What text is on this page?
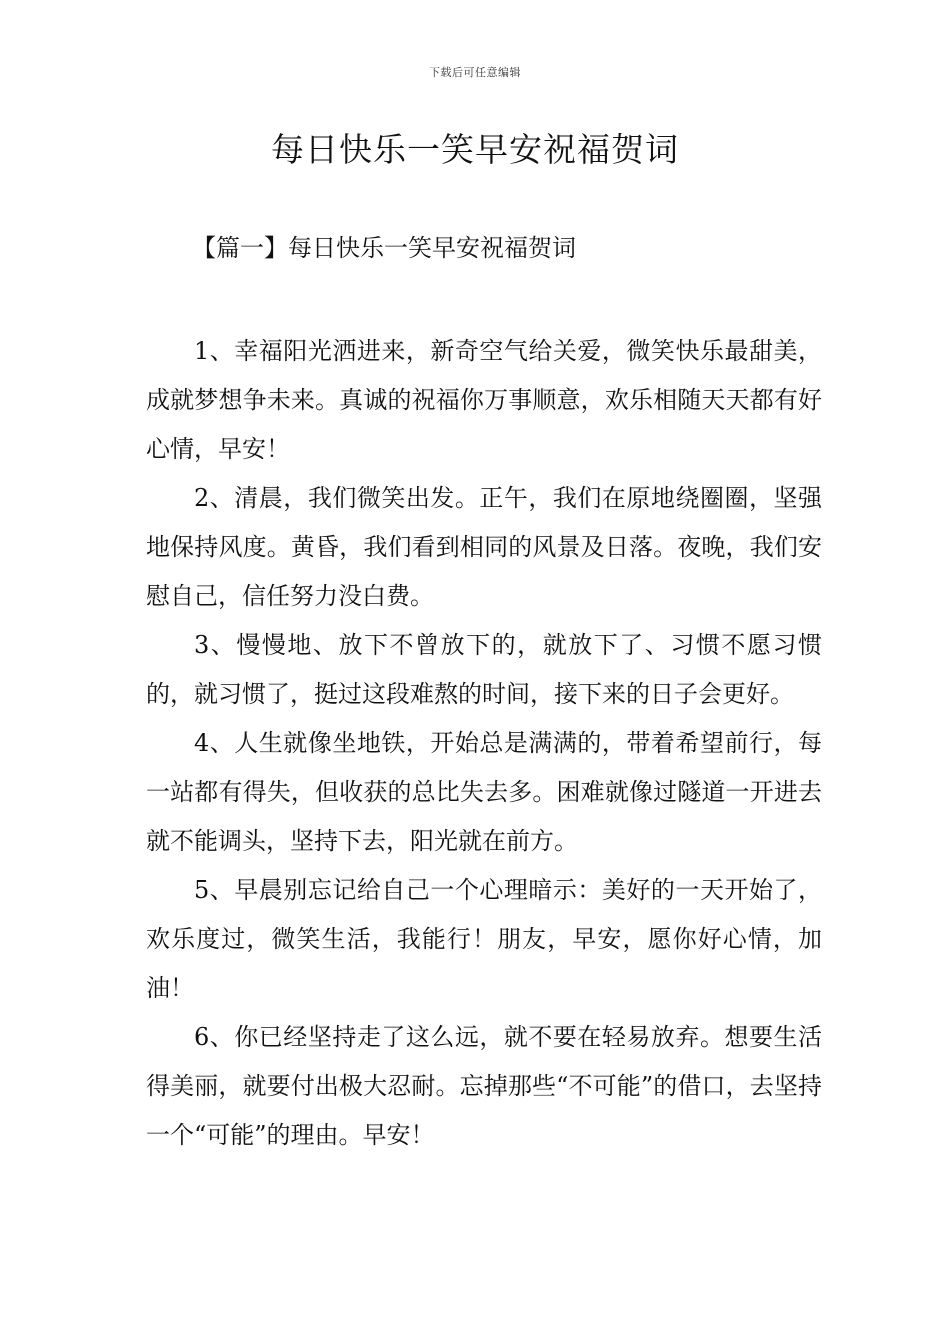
下载后可任意编辑
每日快乐一笑早安祝福贺词
【篇一】每日快乐一笑早安祝福贺词

1、幸福阳光洒进来，新奇空气给关爱，微笑快乐最甜美，成就梦想争未来。真诚的祝福你万事顺意，欢乐相随天天都有好心情，早安！

2、清晨，我们微笑出发。正午，我们在原地绕圈圈，坚强地保持风度。黄昏，我们看到相同的风景及日落。夜晚，我们安慰自己，信任努力没白费。

3、慢慢地、放下不曾放下的，就放下了、习惯不愿习惯的，就习惯了，挺过这段难熬的时间，接下来的日子会更好。

4、人生就像坐地铁，开始总是满满的，带着希望前行，每一站都有得失，但收获的总比失去多。困难就像过隧道一开进去就不能调头，坚持下去，阳光就在前方。

5、早晨别忘记给自己一个心理暗示：美好的一天开始了，欢乐度过，微笑生活，我能行！朋友，早安，愿你好心情，加油！

6、你已经坚持走了这么远，就不要在轻易放弃。想要生活得美丽，就要付出极大忍耐。忘掉那些“不可能”的借口，去坚持一个“可能”的理由。早安！
